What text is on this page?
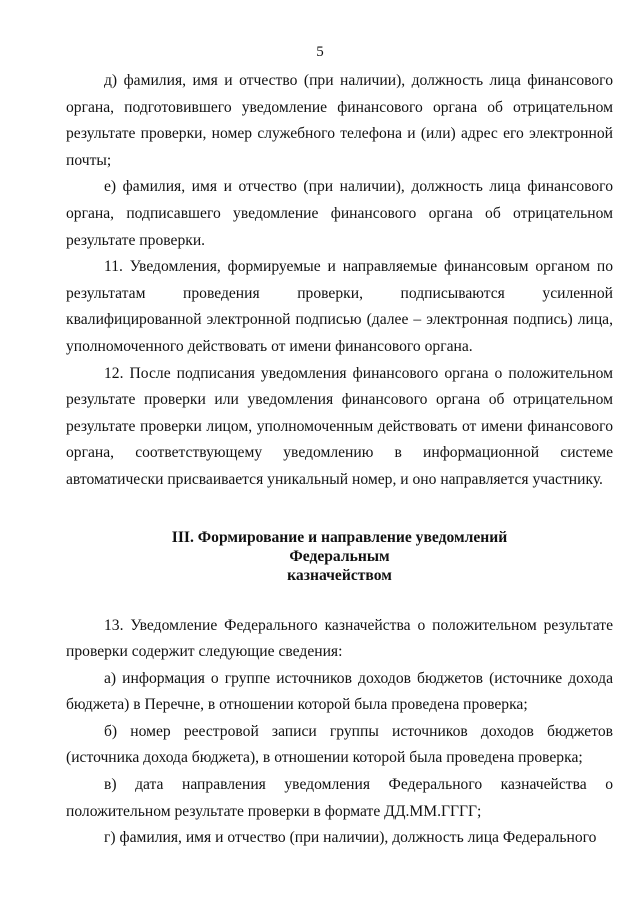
5

д) фамилия, имя и отчество (при наличии), должность лица финансового органа, подготовившего уведомление финансового органа об отрицательном результате проверки, номер служебного телефона и (или) адрес его электронной почты;

е) фамилия, имя и отчество (при наличии), должность лица финансового органа, подписавшего уведомление финансового органа об отрицательном результате проверки.

11. Уведомления, формируемые и направляемые финансовым органом по результатам проведения проверки, подписываются усиленной квалифицированной электронной подписью (далее – электронная подпись) лица, уполномоченного действовать от имени финансового органа.

12. После подписания уведомления финансового органа о положительном результате проверки или уведомления финансового органа об отрицательном результате проверки лицом, уполномоченным действовать от имени финансового органа, соответствующему уведомлению в информационной системе автоматически присваивается уникальный номер, и оно направляется участнику.

III. Формирование и направление уведомлений Федеральным
казначейством

13. Уведомление Федерального казначейства о положительном результате проверки содержит следующие сведения:

а) информация о группе источников доходов бюджетов (источнике дохода бюджета) в Перечне, в отношении которой была проведена проверка;

б) номер реестровой записи группы источников доходов бюджетов (источника дохода бюджета), в отношении которой была проведена проверка;

в) дата направления уведомления Федерального казначейства о положительном результате проверки в формате ДД.ММ.ГГГГ;

г) фамилия, имя и отчество (при наличии), должность лица Федерального
